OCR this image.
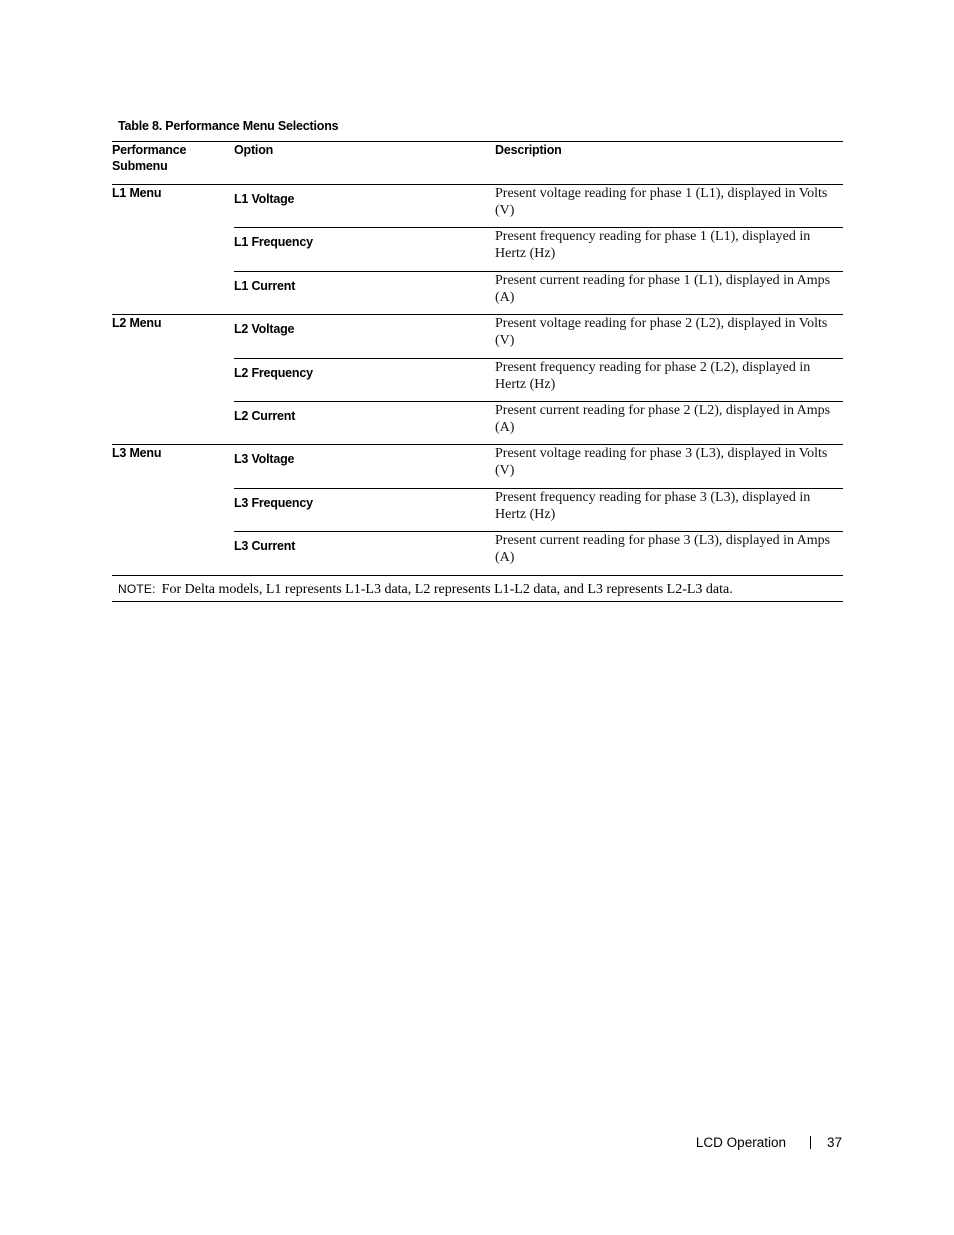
Table 8. Performance Menu Selections
Performance Submenu	Option	Description
L1 Menu	L1 Voltage	Present voltage reading for phase 1 (L1), displayed in Volts (V)
	L1 Frequency	Present frequency reading for phase 1 (L1), displayed in Hertz (Hz)
	L1 Current	Present current reading for phase 1 (L1), displayed in Amps (A)
L2 Menu	L2 Voltage	Present voltage reading for phase 2 (L2), displayed in Volts (V)
	L2 Frequency	Present frequency reading for phase 2 (L2), displayed in Hertz (Hz)
	L2 Current	Present current reading for phase 2 (L2), displayed in Amps (A)
L3 Menu	L3 Voltage	Present voltage reading for phase 3 (L3), displayed in Volts (V)
	L3 Frequency	Present frequency reading for phase 3 (L3), displayed in Hertz (Hz)
	L3 Current	Present current reading for phase 3 (L3), displayed in Amps (A)
NOTE: For Delta models, L1 represents L1-L3 data, L2 represents L1-L2 data, and L3 represents L2-L3 data.		
LCD Operation	37
